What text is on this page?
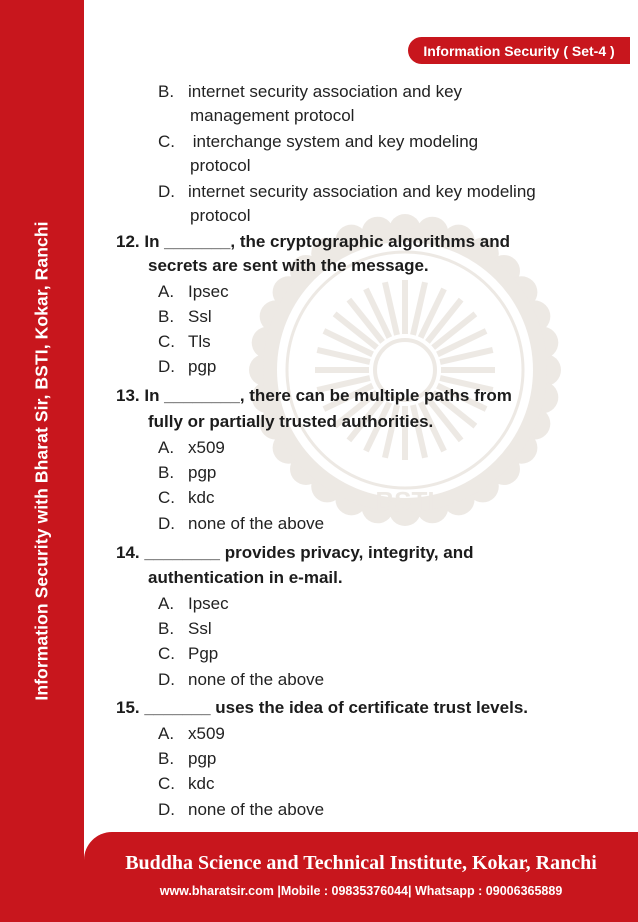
Information Security with Bharat Sir, BSTI, Kokar, Ranchi
Information Security ( Set-4 )
BSTI
B. internet security association and key
management protocol
C. interchange system and key modeling
protocol
D. internet security association and key modeling
protocol
12. In _______, the cryptographic algorithms and
secrets are sent with the message.
A. Ipsec
B. Ssl
C. Tls
D. pgp
13. In ________, there can be multiple paths from
fully or partially trusted authorities.
A. x509
B. pgp
C. kdc
D. none of the above
14. ________ provides privacy, integrity, and
authentication in e-mail.
A. Ipsec
B. Ssl
C. Pgp
D. none of the above
15. _______ uses the idea of certificate trust levels.
A. x509
B. pgp
C. kdc
D. none of the above
Buddha Science and Technical Institute, Kokar, Ranchi
www.bharatsir.com |Mobile : 09835376044| Whatsapp : 09006365889
